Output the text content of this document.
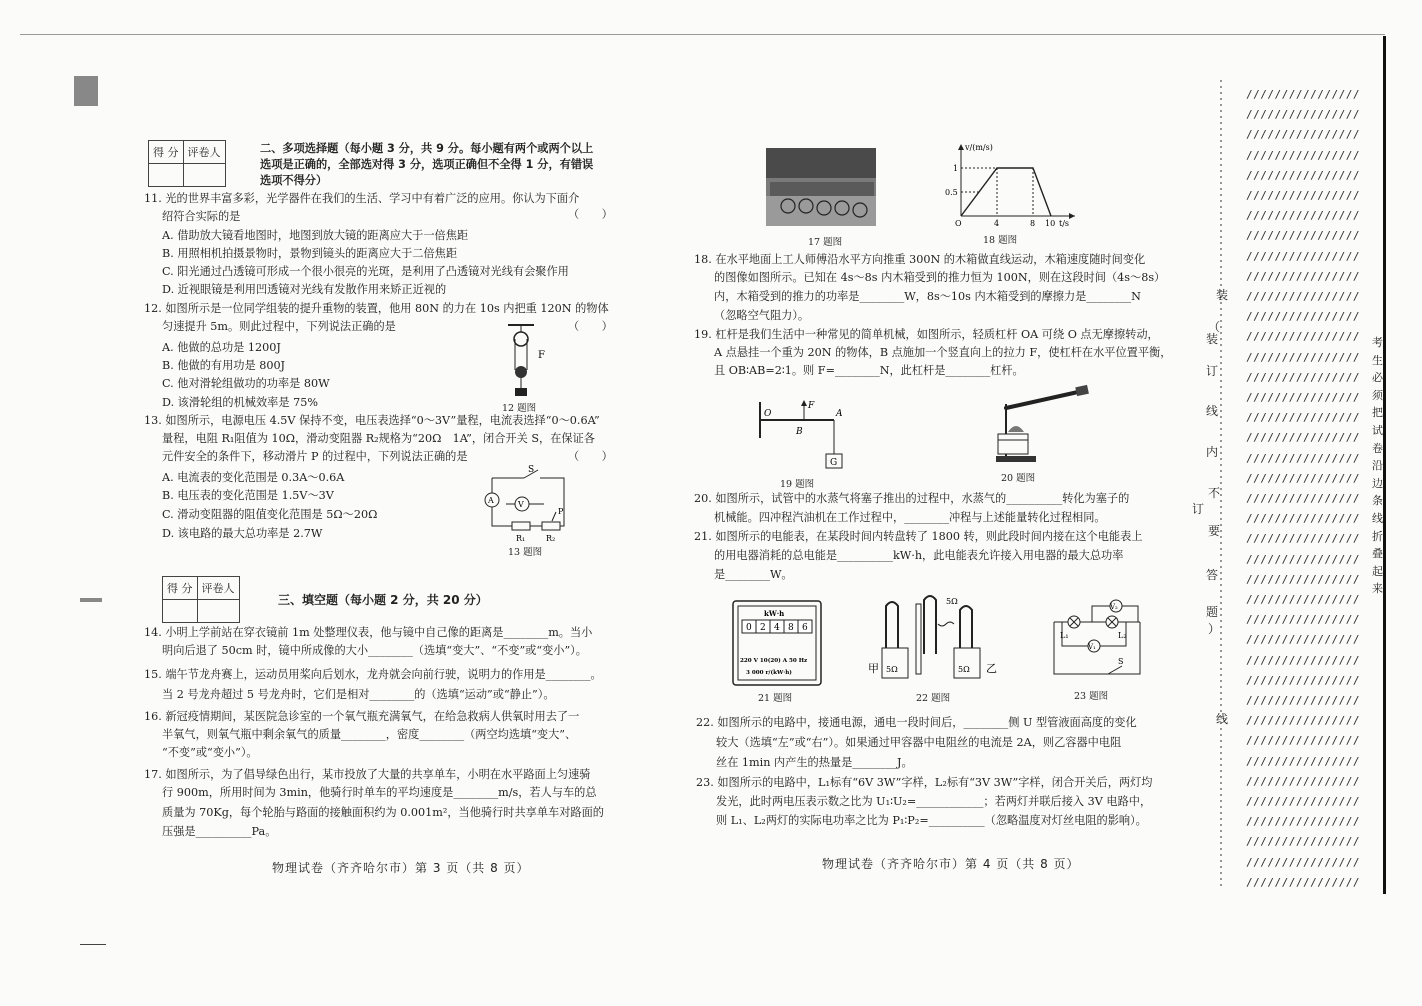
得 分	评卷人
		二、多项选择题（每小题 3 分，共 9 分。每小题有两个或两个以上
选项是正确的，全部选对得 3 分，选项正确但不全得 1 分，有错误
选项不得分）
11. 光的世界丰富多彩，光学器件在我们的生活、学习中有着广泛的应用。你认为下面介
绍符合实际的是	（　　）
A. 借助放大镜看地图时，地图到放大镜的距离应大于一倍焦距
B. 用照相机拍摄景物时，景物到镜头的距离应大于二倍焦距
C. 阳光通过凸透镜可形成一个很小很亮的光斑，是利用了凸透镜对光线有会聚作用
D. 近视眼镜是利用凹透镜对光线有发散作用来矫正近视的
12. 如图所示是一位同学组装的提升重物的装置，他用 80N 的力在 10s 内把重 120N 的物体
匀速提升 5m。则此过程中，下列说法正确的是	（　　）
A. 他做的总功是 1200J
B. 他做的有用功是 800J
C. 他对滑轮组做功的功率是 80W
D. 该滑轮组的机械效率是 75%
F
12 题图
13. 如图所示，电源电压 4.5V 保持不变，电压表选择“0～3V”量程，电流表选择“0～0.6A”
量程，电阻 R₁阻值为 10Ω，滑动变阻器 R₂规格为“20Ω　1A”，闭合开关 S，在保证各
元件安全的条件下，移动滑片 P 的过程中，下列说法正确的是	（　　）
A. 电流表的变化范围是 0.3A～0.6A
B. 电压表的变化范围是 1.5V～3V
C. 滑动变阻器的阻值变化范围是 5Ω～20Ω
D. 该电路的最大总功率是 2.7W
S
A	V
P
R₁	R₂
13 题图
得 分	评卷人

三、填空题（每小题 2 分，共 20 分）
14. 小明上学前站在穿衣镜前 1m 处整理仪表，他与镜中自己像的距离是________m。当小
明向后退了 50cm 时，镜中所成像的大小________（选填“变大”、“不变”或“变小”）。
15. 端午节龙舟赛上，运动员用桨向后划水，龙舟就会向前行驶，说明力的作用是________。
当 2 号龙舟超过 5 号龙舟时，它们是相对________的（选填“运动”或“静止”）。
16. 新冠疫情期间，某医院急诊室的一个氧气瓶充满氧气，在给急救病人供氧时用去了一
半氧气，则氧气瓶中剩余氧气的质量________，密度________（两空均选填“变大”、
“不变”或“变小”）。
17. 如图所示，为了倡导绿色出行，某市投放了大量的共享单车，小明在水平路面上匀速骑
行 900m，所用时间为 3min，他骑行时单车的平均速度是________m/s，若人与车的总
质量为 70Kg，每个轮胎与路面的接触面积约为 0.001m²，当他骑行时共享单车对路面的
压强是__________Pa。
物理试卷（齐齐哈尔市）第 3 页（共 8 页）
17 题图
v/(m/s)
t/s
1
0.5
O	4	8 10
18 题图
18. 在水平地面上工人师傅沿水平方向推重 300N 的木箱做直线运动，木箱速度随时间变化
的图像如图所示。已知在 4s～8s 内木箱受到的推力恒为 100N，则在这段时间（4s～8s）
内，木箱受到的推力的功率是________W，8s～10s 内木箱受到的摩擦力是________N
（忽略空气阻力）。
19. 杠杆是我们生活中一种常见的简单机械，如图所示，轻质杠杆 OA 可绕 O 点无摩擦转动，
A 点悬挂一个重为 20N 的物体，B 点施加一个竖直向上的拉力 F，使杠杆在水平位置平衡，
且 OB∶AB=2∶1。则 F=________N，此杠杆是________杠杆。
O
B
A
F
G
19 题图
20 题图
20. 如图所示，试管中的水蒸气将塞子推出的过程中，水蒸气的__________转化为塞子的
机械能。四冲程汽油机在工作过程中，________冲程与上述能量转化过程相同。
21. 如图所示的电能表，在某段时间内转盘转了 1800 转，则此段时间内接在这个电能表上
的用电器消耗的总电能是__________kW·h，此电能表允许接入用电器的最大总功率
是________W。
kW·h
0 2 4 8 6
220 V 10(20) A 50 Hz
3 000 r/(kW·h)
21 题图
甲	乙
5Ω
5Ω	5Ω
22 题图
L₁	L₂
V₂
V₁
S
23 题图
22. 如图所示的电路中，接通电源，通电一段时间后，________侧 U 型管液面高度的变化
较大（选填“左”或“右”）。如果通过甲容器中电阻丝的电流是 2A，则乙容器中电阻
丝在 1min 内产生的热量是________J。
23. 如图所示的电路中，L₁标有“6V 3W”字样，L₂标有“3V 3W”字样，闭合开关后，两灯均
发光，此时两电压表示数之比为 U₁∶U₂=____________；若两灯并联后接入 3V 电路中，
则 L₁、L₂两灯的实际电功率之比为 P₁∶P₂=__________（忽略温度对灯丝电阻的影响）。
物理试卷（齐齐哈尔市）第 4 页（共 8 页）
装
（
装
订
线
内
不
订
要
答
题
）
线
////////////////
////////////////
////////////////
////////////////
////////////////
////////////////
////////////////
////////////////
////////////////
////////////////
////////////////
////////////////
////////////////
////////////////
////////////////
////////////////
////////////////
////////////////
////////////////
////////////////
////////////////
////////////////
////////////////
////////////////
////////////////
////////////////
////////////////
////////////////
////////////////
////////////////
////////////////
////////////////
////////////////
////////////////
////////////////
////////////////
////////////////
////////////////
////////////////
////////////////
考
生
必
须
把
试
卷
沿
边
条
线
折
叠
起
来
